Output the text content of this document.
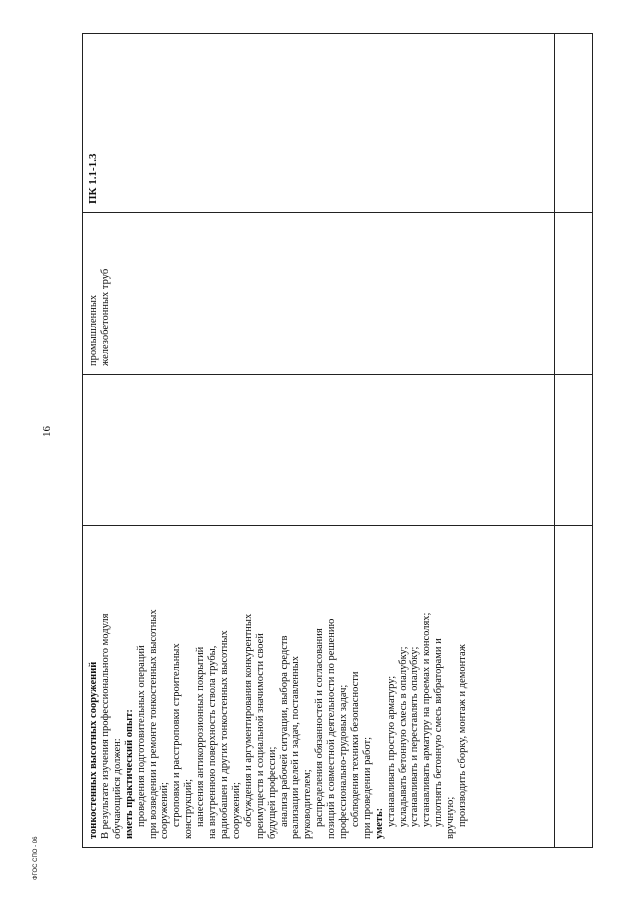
16
ФГОС СПО - 06
тонкостенных высотных сооружений В результате изучения профессионального модуля обучающийся должен: иметь практический опыт: проведения подготовительных операций при возведении и ремонте тонкостенных высотных сооружений; строповки и расстроповки строительных конструкций; нанесения антикоррозионных покрытий на внутреннюю поверхность ствола трубы, радиобашен и других тонкостенных высотных сооружений; обсуждения и аргументирования конкурентных преимуществ и социальной значимости своей будущей профессии; анализа рабочей ситуации, выбора средств реализации целей и задач, поставленных руководителем; распределения обязанностей и согласования позиций в совместной деятельности по решению профессионально-трудовых задач; соблюдения техники безопасности при проведении работ; уметь: устанавливать простую арматуру; укладывать бетонную смесь в опалубку; устанавливать и переставлять опалубку; устанавливать арматуру на проемах и консолях; уплотнять бетонную смесь вибраторами и вручную; производить сборку, монтаж и демонтаж
промышленных железобетонных труб
ПК 1.1-1.3
